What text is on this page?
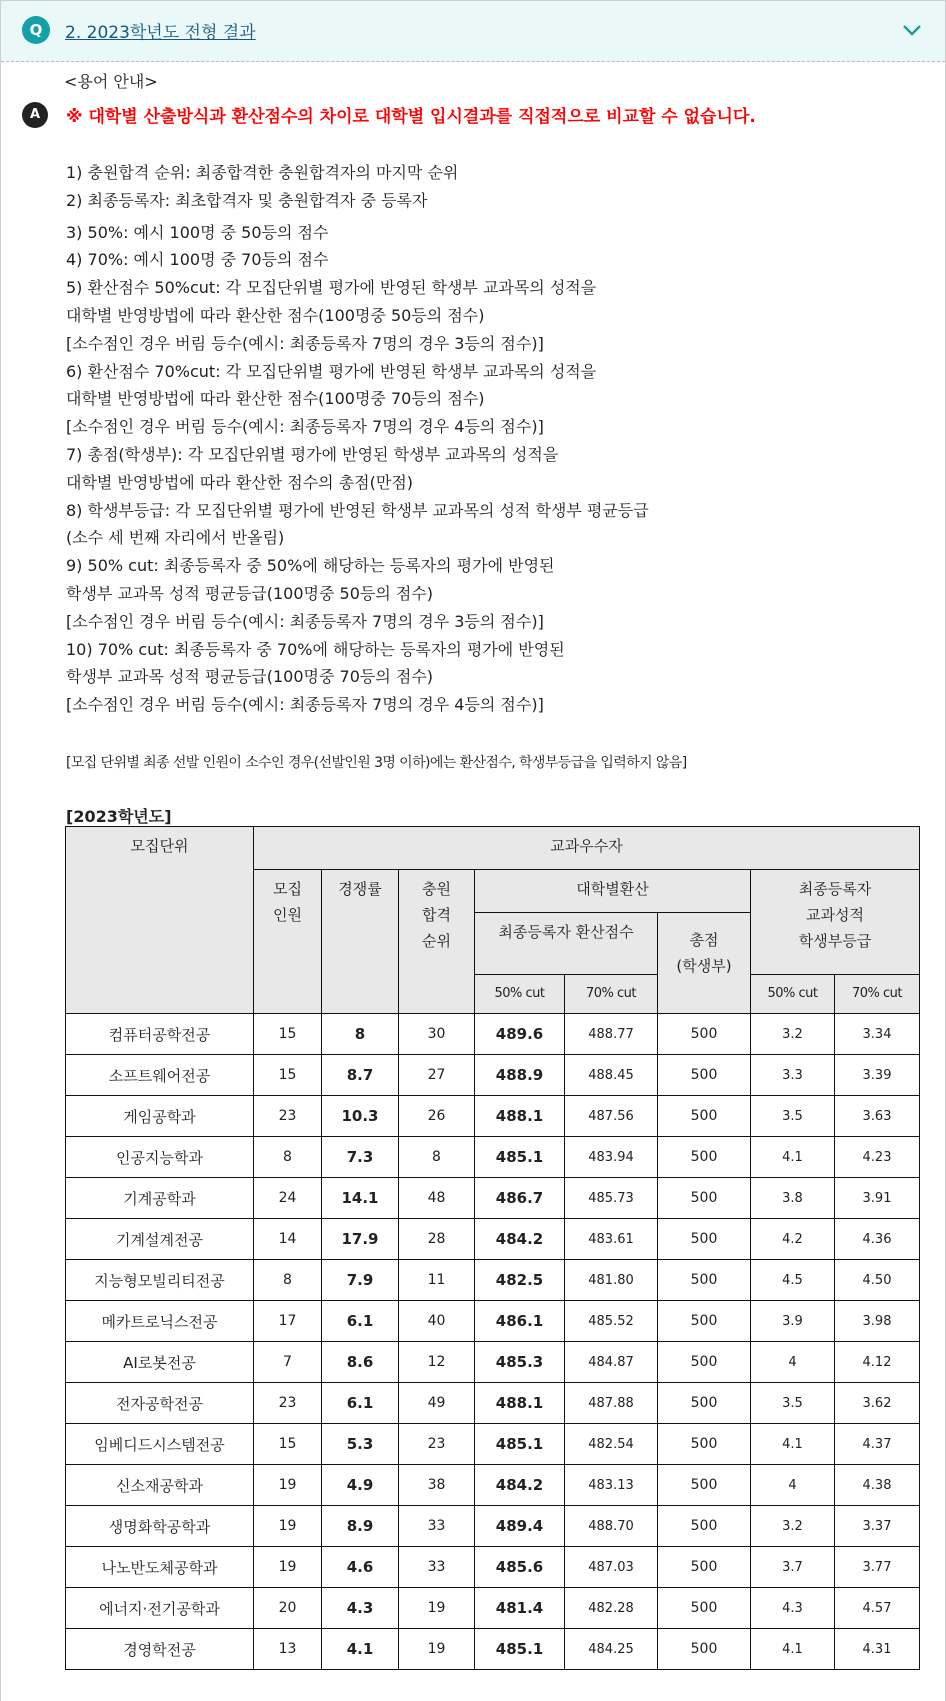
Q	2. 2023학년도 전형 결과
A
<용어 안내>
※ 대학별 산출방식과 환산점수의 차이로 대학별 입시결과를 직접적으로 비교할 수 없습니다.
1) 충원합격 순위: 최종합격한 충원합격자의 마지막 순위
2) 최종등록자: 최초합격자 및 충원합격자 중 등록자
3) 50%: 예시 100명 중 50등의 점수
4) 70%: 예시 100명 중 70등의 점수
5) 환산점수 50%cut: 각 모집단위별 평가에 반영된 학생부 교과목의 성적을
대학별 반영방법에 따라 환산한 점수(100명중 50등의 점수)
[소수점인 경우 버림 등수(예시: 최종등록자 7명의 경우 3등의 점수)]
6) 환산점수 70%cut: 각 모집단위별 평가에 반영된 학생부 교과목의 성적을
대학별 반영방법에 따라 환산한 점수(100명중 70등의 점수)
[소수점인 경우 버림 등수(예시: 최종등록자 7명의 경우 4등의 점수)]
7) 총점(학생부): 각 모집단위별 평가에 반영된 학생부 교과목의 성적을
대학별 반영방법에 따라 환산한 점수의 총점(만점)
8) 학생부등급: 각 모집단위별 평가에 반영된 학생부 교과목의 성적 학생부 평균등급
(소수 세 번째 자리에서 반올림)
9) 50% cut: 최종등록자 중 50%에 해당하는 등록자의 평가에 반영된
학생부 교과목 성적 평균등급(100명중 50등의 점수)
[소수점인 경우 버림 등수(예시: 최종등록자 7명의 경우 3등의 점수)]
10) 70% cut: 최종등록자 중 70%에 해당하는 등록자의 평가에 반영된
학생부 교과목 성적 평균등급(100명중 70등의 점수)
[소수점인 경우 버림 등수(예시: 최종등록자 7명의 경우 4등의 점수)]
[모집 단위별 최종 선발 인원이 소수인 경우(선발인원 3명 이하)에는 환산점수, 학생부등급을 입력하지 않음]
[2023학년도]
모집단위	교과우수자							
	모집
인원	경쟁률	충원
합격
순위	대학별환산			최종등록자
교과성적
학생부등급	
				최종등록자 환산점수		총점
(학생부)		
				50% cut	70% cut		50% cut	70% cut
컴퓨터공학전공	15	8	30	489.6	488.77	500	3.2	3.34
소프트웨어전공	15	8.7	27	488.9	488.45	500	3.3	3.39
게임공학과	23	10.3	26	488.1	487.56	500	3.5	3.63
인공지능학과	8	7.3	8	485.1	483.94	500	4.1	4.23
기계공학과	24	14.1	48	486.7	485.73	500	3.8	3.91
기계설계전공	14	17.9	28	484.2	483.61	500	4.2	4.36
지능형모빌리티전공	8	7.9	11	482.5	481.80	500	4.5	4.50
메카트로닉스전공	17	6.1	40	486.1	485.52	500	3.9	3.98
AI로봇전공	7	8.6	12	485.3	484.87	500	4	4.12
전자공학전공	23	6.1	49	488.1	487.88	500	3.5	3.62
임베디드시스템전공	15	5.3	23	485.1	482.54	500	4.1	4.37
신소재공학과	19	4.9	38	484.2	483.13	500	4	4.38
생명화학공학과	19	8.9	33	489.4	488.70	500	3.2	3.37
나노반도체공학과	19	4.6	33	485.6	487.03	500	3.7	3.77
에너지·전기공학과	20	4.3	19	481.4	482.28	500	4.3	4.57
경영학전공	13	4.1	19	485.1	484.25	500	4.1	4.31
